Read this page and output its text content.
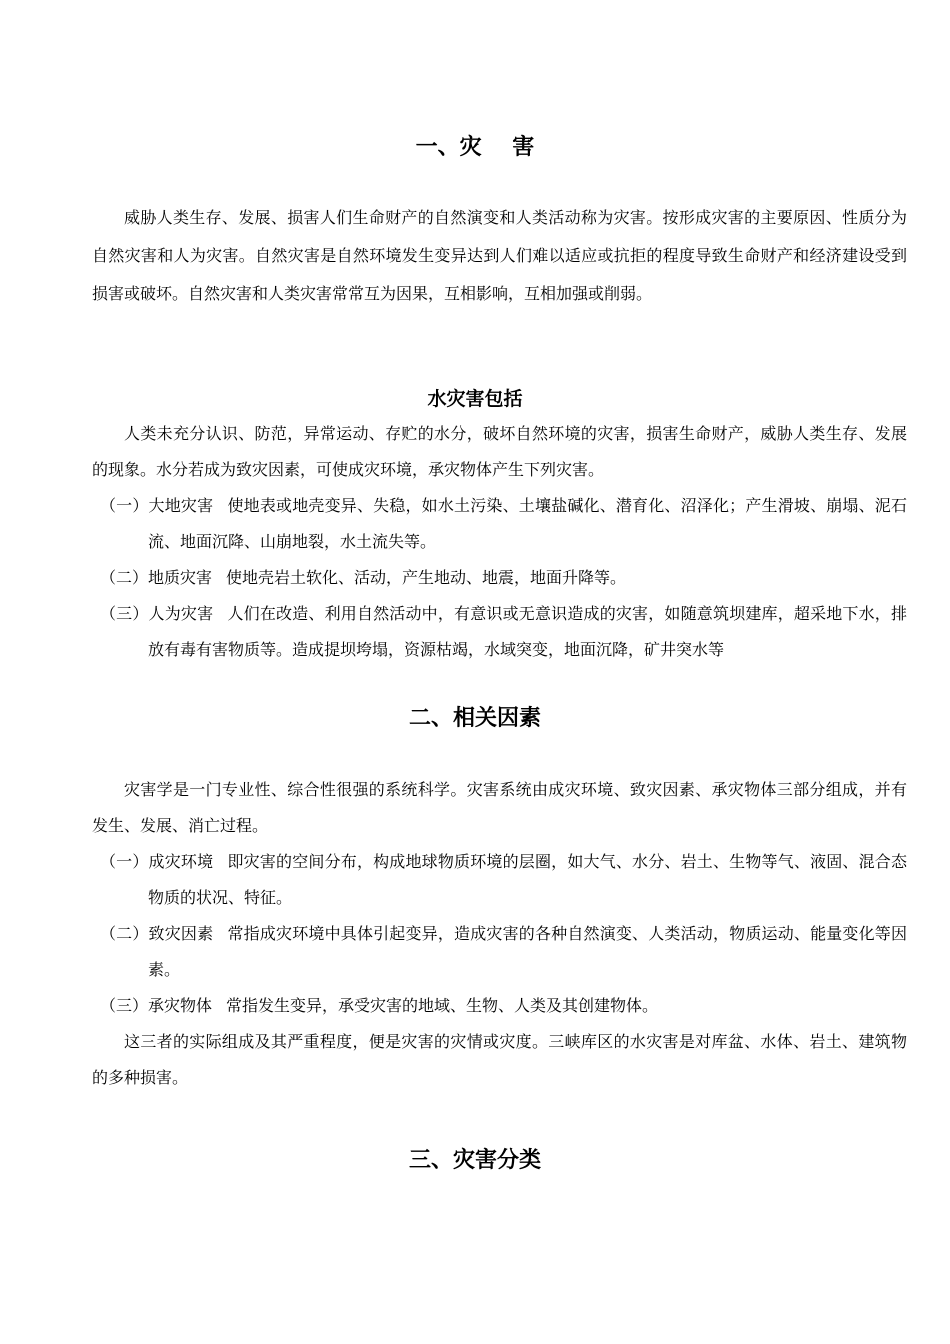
一、灾    害

威胁人类生存、发展、损害人们生命财产的自然演变和人类活动称为灾害。按形成灾害的主要原因、性质分为自然灾害和人为灾害。自然灾害是自然环境发生变异达到人们难以适应或抗拒的程度导致生命财产和经济建设受到损害或破坏。自然灾害和人类灾害常常互为因果，互相影响，互相加强或削弱。

水灾害包括

人类未充分认识、防范，异常运动、存贮的水分，破坏自然环境的灾害，损害生命财产，威胁人类生存、发展的现象。水分若成为致灾因素，可使成灾环境，承灾物体产生下列灾害。

（一）大地灾害 使地表或地壳变异、失稳，如水土污染、土壤盐碱化、潜育化、沼泽化；产生滑坡、崩塌、泥石流、地面沉降、山崩地裂，水土流失等。

（二）地质灾害 使地壳岩土软化、活动，产生地动、地震，地面升降等。

（三）人为灾害 人们在改造、利用自然活动中，有意识或无意识造成的灾害，如随意筑坝建库，超采地下水，排放有毒有害物质等。造成提坝垮塌，资源枯竭，水域突变，地面沉降，矿井突水等

二、相关因素

灾害学是一门专业性、综合性很强的系统科学。灾害系统由成灾环境、致灾因素、承灾物体三部分组成，并有发生、发展、消亡过程。

（一）成灾环境 即灾害的空间分布，构成地球物质环境的层圈，如大气、水分、岩土、生物等气、液固、混合态物质的状况、特征。

（二）致灾因素 常指成灾环境中具体引起变异，造成灾害的各种自然演变、人类活动，物质运动、能量变化等因素。

（三）承灾物体 常指发生变异，承受灾害的地域、生物、人类及其创建物体。

这三者的实际组成及其严重程度，便是灾害的灾情或灾度。三峡库区的水灾害是对库盆、水体、岩土、建筑物的多种损害。

三、灾害分类
